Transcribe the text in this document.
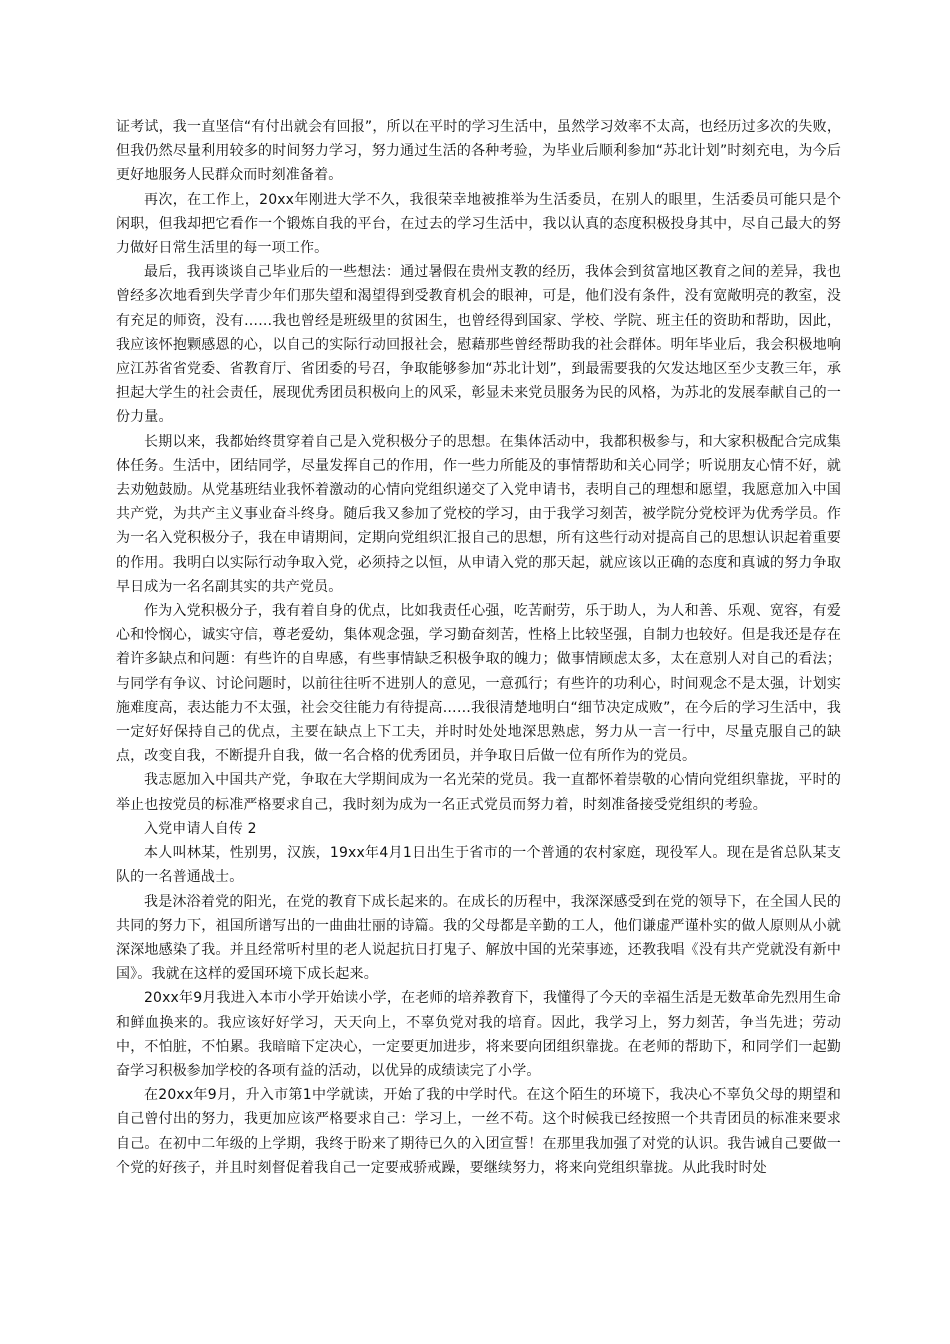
证考试，我一直坚信“有付出就会有回报”，所以在平时的学习生活中，虽然学习效率不太高，也经历过多次的失败，但我仍然尽量利用较多的时间努力学习，努力通过生活的各种考验，为毕业后顺利参加“苏北计划”时刻充电，为今后更好地服务人民群众而时刻准备着。

再次，在工作上，20xx年刚进大学不久，我很荣幸地被推举为生活委员，在别人的眼里，生活委员可能只是个闲职，但我却把它看作一个锻炼自我的平台，在过去的学习生活中，我以认真的态度积极投身其中，尽自己最大的努力做好日常生活里的每一项工作。

最后，我再谈谈自己毕业后的一些想法：通过暑假在贵州支教的经历，我体会到贫富地区教育之间的差异，我也曾经多次地看到失学青少年们那失望和渴望得到受教育机会的眼神，可是，他们没有条件，没有宽敞明亮的教室，没有充足的师资，没有……我也曾经是班级里的贫困生，也曾经得到国家、学校、学院、班主任的资助和帮助，因此，我应该怀抱颗感恩的心，以自己的实际行动回报社会，慰藉那些曾经帮助我的社会群体。明年毕业后，我会积极地响应江苏省省党委、省教育厅、省团委的号召，争取能够参加“苏北计划”，到最需要我的欠发达地区至少支教三年，承担起大学生的社会责任，展现优秀团员积极向上的风采，彰显未来党员服务为民的风格，为苏北的发展奉献自己的一份力量。

长期以来，我都始终贯穿着自己是入党积极分子的思想。在集体活动中，我都积极参与，和大家积极配合完成集体任务。生活中，团结同学，尽量发挥自己的作用，作一些力所能及的事情帮助和关心同学；听说朋友心情不好，就去劝勉鼓励。从党基班结业我怀着激动的心情向党组织递交了入党申请书，表明自己的理想和愿望，我愿意加入中国共产党，为共产主义事业奋斗终身。随后我又参加了党校的学习，由于我学习刻苦，被学院分党校评为优秀学员。作为一名入党积极分子，我在申请期间，定期向党组织汇报自己的思想，所有这些行动对提高自己的思想认识起着重要的作用。我明白以实际行动争取入党，必须持之以恒，从申请入党的那天起，就应该以正确的态度和真诚的努力争取早日成为一名名副其实的共产党员。

作为入党积极分子，我有着自身的优点，比如我责任心强，吃苦耐劳，乐于助人，为人和善、乐观、宽容，有爱心和怜悯心，诚实守信，尊老爱幼，集体观念强，学习勤奋刻苦，性格上比较坚强，自制力也较好。但是我还是存在着许多缺点和问题：有些许的自卑感，有些事情缺乏积极争取的魄力；做事情顾虑太多，太在意别人对自己的看法；与同学有争议、讨论问题时，以前往往听不进别人的意见，一意孤行；有些许的功利心，时间观念不是太强，计划实施难度高，表达能力不太强，社会交往能力有待提高……我很清楚地明白“细节决定成败”，在今后的学习生活中，我一定好好保持自己的优点，主要在缺点上下工夫，并时时处处地深思熟虑，努力从一言一行中，尽量克服自己的缺点，改变自我，不断提升自我，做一名合格的优秀团员，并争取日后做一位有所作为的党员。

我志愿加入中国共产党，争取在大学期间成为一名光荣的党员。我一直都怀着崇敬的心情向党组织靠拢，平时的举止也按党员的标准严格要求自己，我时刻为成为一名正式党员而努力着，时刻准备接受党组织的考验。

入党申请人自传 2

本人叫林某，性别男，汉族，19xx年4月1日出生于省市的一个普通的农村家庭，现役军人。现在是省总队某支队的一名普通战士。

我是沐浴着党的阳光，在党的教育下成长起来的。在成长的历程中，我深深感受到在党的领导下，在全国人民的共同的努力下，祖国所谱写出的一曲曲壮丽的诗篇。我的父母都是辛勤的工人，他们谦虚严谨朴实的做人原则从小就深深地感染了我。并且经常听村里的老人说起抗日打鬼子、解放中国的光荣事迹，还教我唱《没有共产党就没有新中国》。我就在这样的爱国环境下成长起来。

20xx年9月我进入本市小学开始读小学，在老师的培养教育下，我懂得了今天的幸福生活是无数革命先烈用生命和鲜血换来的。我应该好好学习，天天向上，不辜负党对我的培育。因此，我学习上，努力刻苦，争当先进；劳动中，不怕脏，不怕累。我暗暗下定决心，一定要更加进步，将来要向团组织靠拢。在老师的帮助下，和同学们一起勤奋学习积极参加学校的各项有益的活动，以优异的成绩读完了小学。

在20xx年9月，升入市第1中学就读，开始了我的中学时代。在这个陌生的环境下，我决心不辜负父母的期望和自己曾付出的努力，我更加应该严格要求自己：学习上，一丝不苟。这个时候我已经按照一个共青团员的标准来要求自己。在初中二年级的上学期，我终于盼来了期待已久的入团宣誓！在那里我加强了对党的认识。我告诫自己要做一个党的好孩子，并且时刻督促着我自己一定要戒骄戒躁，要继续努力，将来向党组织靠拢。从此我时时处
